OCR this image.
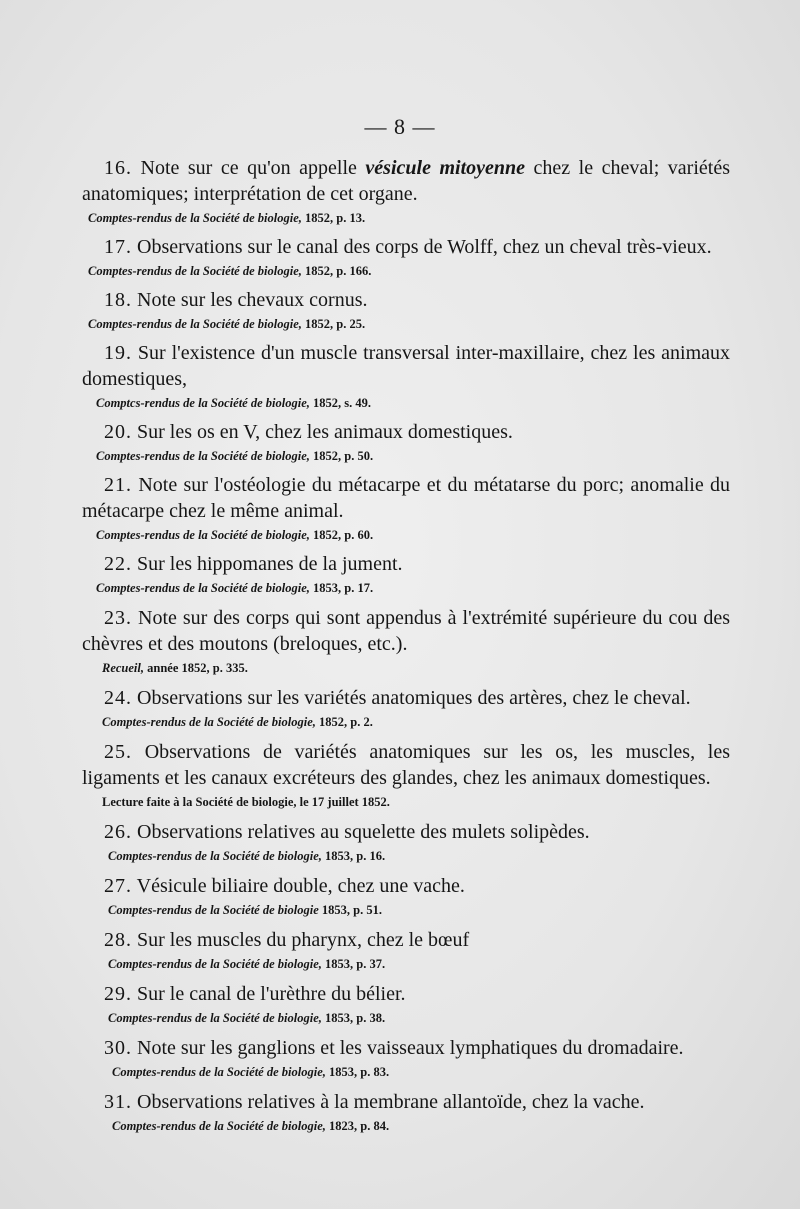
— 8 —
16. Note sur ce qu'on appelle vésicule mitoyenne chez le cheval; variétés anatomiques; interprétation de cet organe.
Comptes-rendus de la Société de biologie, 1852, p. 13.
17. Observations sur le canal des corps de Wolff, chez un cheval très-vieux.
Comptes-rendus de la Société de biologie, 1852, p. 166.
18. Note sur les chevaux cornus.
Comptes-rendus de la Société de biologie, 1852, p. 25.
19. Sur l'existence d'un muscle transversal inter-maxillaire, chez les animaux domestiques,
Comptcs-rendus de la Société de biologie, 1852, s. 49.
20. Sur les os en V, chez les animaux domestiques.
Comptes-rendus de la Société de biologie, 1852, p. 50.
21. Note sur l'ostéologie du métacarpe et du métatarse du porc; anomalie du métacarpe chez le même animal.
Comptes-rendus de la Société de biologie, 1852, p. 60.
22. Sur les hippomanes de la jument.
Comptes-rendus de la Société de biologie, 1853, p. 17.
23. Note sur des corps qui sont appendus à l'extrémité supérieure du cou des chèvres et des moutons (breloques, etc.).
Recueil, année 1852, p. 335.
24. Observations sur les variétés anatomiques des artères, chez le cheval.
Comptes-rendus de la Société de biologie, 1852, p. 2.
25. Observations de variétés anatomiques sur les os, les muscles, les ligaments et les canaux excréteurs des glandes, chez les animaux domestiques.
Lecture faite à la Société de biologie, le 17 juillet 1852.
26. Observations relatives au squelette des mulets solipèdes.
Comptes-rendus de la Société de biologie, 1853, p. 16.
27. Vésicule biliaire double, chez une vache.
Comptes-rendus de la Société de biologie 1853, p. 51.
28. Sur les muscles du pharynx, chez le bœuf
Comptes-rendus de la Société de biologie, 1853, p. 37.
29. Sur le canal de l'urèthre du bélier.
Comptes-rendus de la Société de biologie, 1853, p. 38.
30. Note sur les ganglions et les vaisseaux lymphatiques du dromadaire.
Comptes-rendus de la Société de biologie, 1853, p. 83.
31. Observations relatives à la membrane allantoïde, chez la vache.
Comptes-rendus de la Société de biologie, 1823, p. 84.
